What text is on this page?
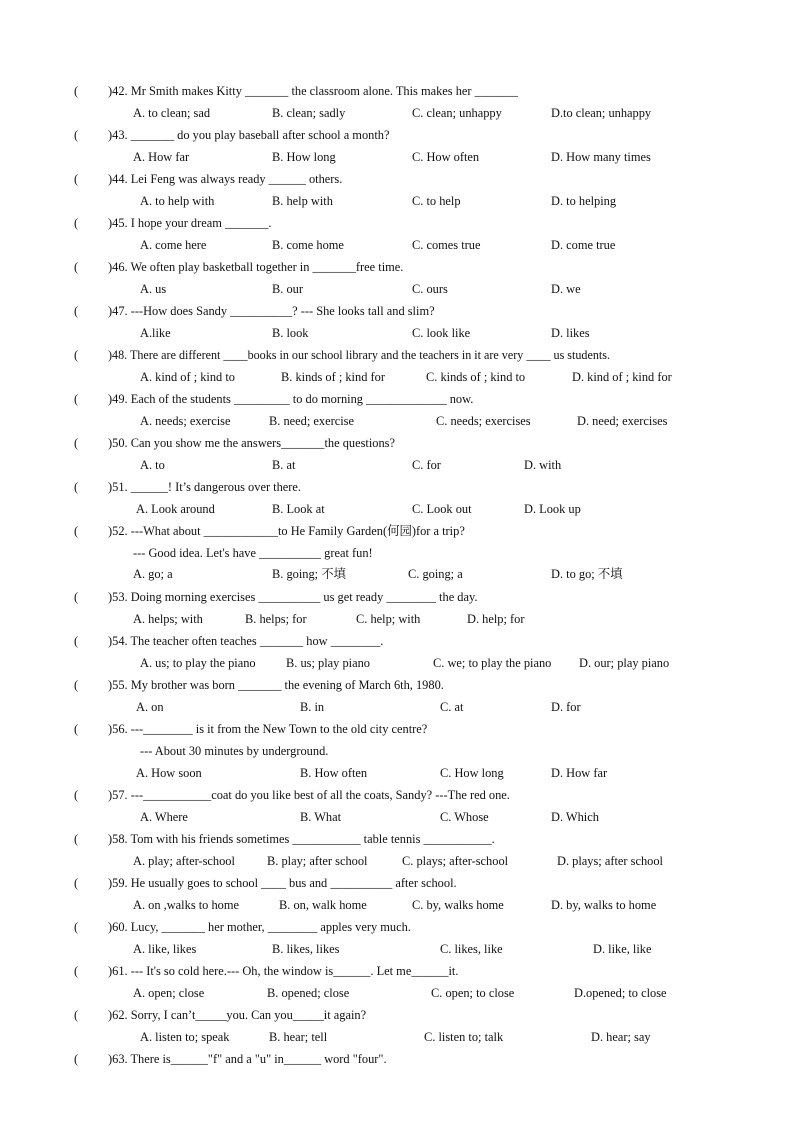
( )42. Mr Smith makes Kitty _______ the classroom alone. This makes her _______
A. to clean; sad	B. clean; sadly	C. clean; unhappy	D.to clean; unhappy
( )43. _______ do you play baseball after school a month?
A. How far	B. How long	C. How often	D. How many times
( )44. Lei Feng was always ready ______ others.
A. to help with	B. help with	C. to help	D. to helping
( )45. I hope your dream _______.
A. come here	B. come home	C. comes true	D. come true
( )46. We often play basketball together in _______free time.
A. us	B. our	C. ours	D. we
( )47. ---How does Sandy __________? --- She looks tall and slim?
A.like	B. look	C. look like	D. likes
( )48. There are different ____books in our school library and the teachers in it are very ____ us students.
A. kind of ; kind to	B. kinds of ; kind for	C. kinds of ; kind to	D. kind of ; kind for
( )49. Each of the students _________ to do morning _____________ now.
A. needs; exercise	B. need; exercise	C. needs; exercises	D. need; exercises
( )50. Can you show me the answers_______the questions?
A. to	B. at	C. for	D. with
( )51. ______! It’s dangerous over there.
A. Look around	B. Look at	C. Look out	D. Look up
( )52. ---What about ____________to He Family Garden(何园)for a trip?
--- Good idea. Let's have __________ great fun!
A. go; a	B. going; 不填	C. going; a	D. to go; 不填
( )53. Doing morning exercises __________ us get ready ________ the day.
A. helps; with	B. helps; for	C. help; with	D. help; for
( )54. The teacher often teaches _______ how ________.
A. us; to play the piano B. us; play piano	C. we; to play the piano D. our; play piano
( )55. My brother was born _______ the evening of March 6th, 1980.
A. on	B. in	C. at	D. for
( )56. ---________ is it from the New Town to the old city centre?
--- About 30 minutes by underground.
A. How soon	B. How often	C. How long	D. How far
( )57. ---___________coat do you like best of all the coats, Sandy? ---The red one.
A. Where	B. What	C. Whose	D. Which
( )58. Tom with his friends sometimes ___________ table tennis ___________.
A. play; after-school	B. play; after school	C. plays; after-school	D. plays; after school
( )59. He usually goes to school ____ bus and __________ after school.
A. on ,walks to home	B. on, walk home	C. by, walks home	D. by, walks to home
( )60. Lucy, _______ her mother, ________ apples very much.
A. like, likes	B. likes, likes	C. likes, like	D. like, like
( )61. --- It's so cold here.--- Oh, the window is______. Let me______it.
A. open; close	B. opened; close	C. open; to close	D.opened; to close
( )62. Sorry, I can’t_____you. Can you_____it again?
A. listen to; speak	B. hear; tell	C. listen to; talk	D. hear; say
( )63. There is______"f" and a "u" in______ word "four".
